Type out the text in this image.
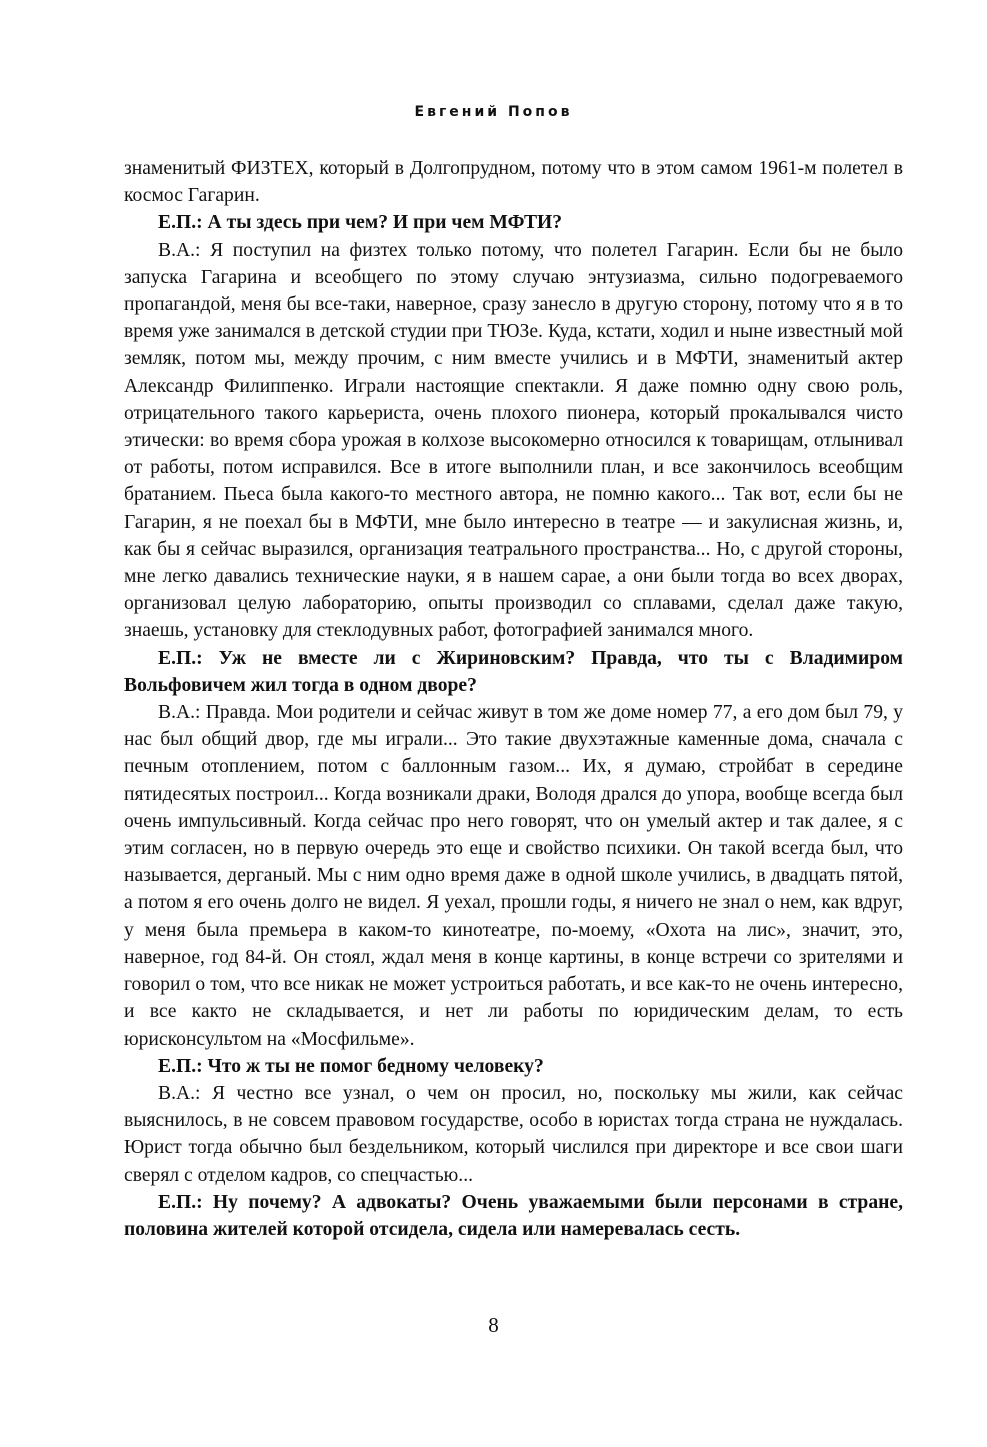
Евгений Попов

знаменитый ФИЗТЕХ, который в Долгопрудном, потому что в этом самом 1961-м полетел в космос Гагарин.

Е.П.: А ты здесь при чем? И при чем МФТИ?

В.А.: Я поступил на физтех только потому, что полетел Гагарин. Если бы не было запуска Гагарина и всеобщего по этому случаю энтузиазма, сильно подогреваемого пропагандой, меня бы все-таки, наверное, сразу занесло в другую сторону, потому что я в то время уже занимался в детской студии при ТЮЗе. Куда, кстати, ходил и ныне известный мой земляк, потом мы, между прочим, с ним вместе учились и в МФТИ, знаменитый актер Александр Филиппенко. Играли настоящие спектакли. Я даже помню одну свою роль, отрицательного такого карьериста, очень плохого пионера, который прокалывался чисто этически: во время сбора урожая в колхозе высокомерно относился к товарищам, отлынивал от работы, потом исправился. Все в итоге выполнили план, и все закончилось всеобщим братанием. Пьеса была какого-то местного автора, не помню какого... Так вот, если бы не Гагарин, я не поехал бы в МФТИ, мне было интересно в театре — и закулисная жизнь, и, как бы я сейчас выразился, организация театрального пространства... Но, с другой стороны, мне легко давались технические науки, я в нашем сарае, а они были тогда во всех дворах, организовал целую лабораторию, опыты производил со сплавами, сделал даже такую, знаешь, установку для стеклодувных работ, фотографией занимался много.

Е.П.: Уж не вместе ли с Жириновским? Правда, что ты с Владимиром Вольфовичем жил тогда в одном дворе?

В.А.: Правда. Мои родители и сейчас живут в том же доме номер 77, а его дом был 79, у нас был общий двор, где мы играли... Это такие двухэтажные каменные дома, сначала с печным отоплением, потом с баллонным газом... Их, я думаю, стройбат в середине пятидесятых построил... Когда возникали драки, Володя дрался до упора, вообще всегда был очень импульсивный. Когда сейчас про него говорят, что он умелый актер и так далее, я с этим согласен, но в первую очередь это еще и свойство психики. Он такой всегда был, что называется, дерганый. Мы с ним одно время даже в одной школе учились, в двадцать пятой, а потом я его очень долго не видел. Я уехал, прошли годы, я ничего не знал о нем, как вдруг, у меня была премьера в каком-то кинотеатре, по-моему, «Охота на лис», значит, это, наверное, год 84-й. Он стоял, ждал меня в конце картины, в конце встречи со зрителями и говорил о том, что все никак не может устроиться работать, и все как-то не очень интересно, и все както не складывается, и нет ли работы по юридическим делам, то есть юрисконсультом на «Мосфильме».

Е.П.: Что ж ты не помог бедному человеку?

В.А.: Я честно все узнал, о чем он просил, но, поскольку мы жили, как сейчас выяснилось, в не совсем правовом государстве, особо в юристах тогда страна не нуждалась. Юрист тогда обычно был бездельником, который числился при директоре и все свои шаги сверял с отделом кадров, со спецчастью...

Е.П.: Ну почему? А адвокаты? Очень уважаемыми были персонами в стране, половина жителей которой отсидела, сидела или намеревалась сесть.

8
